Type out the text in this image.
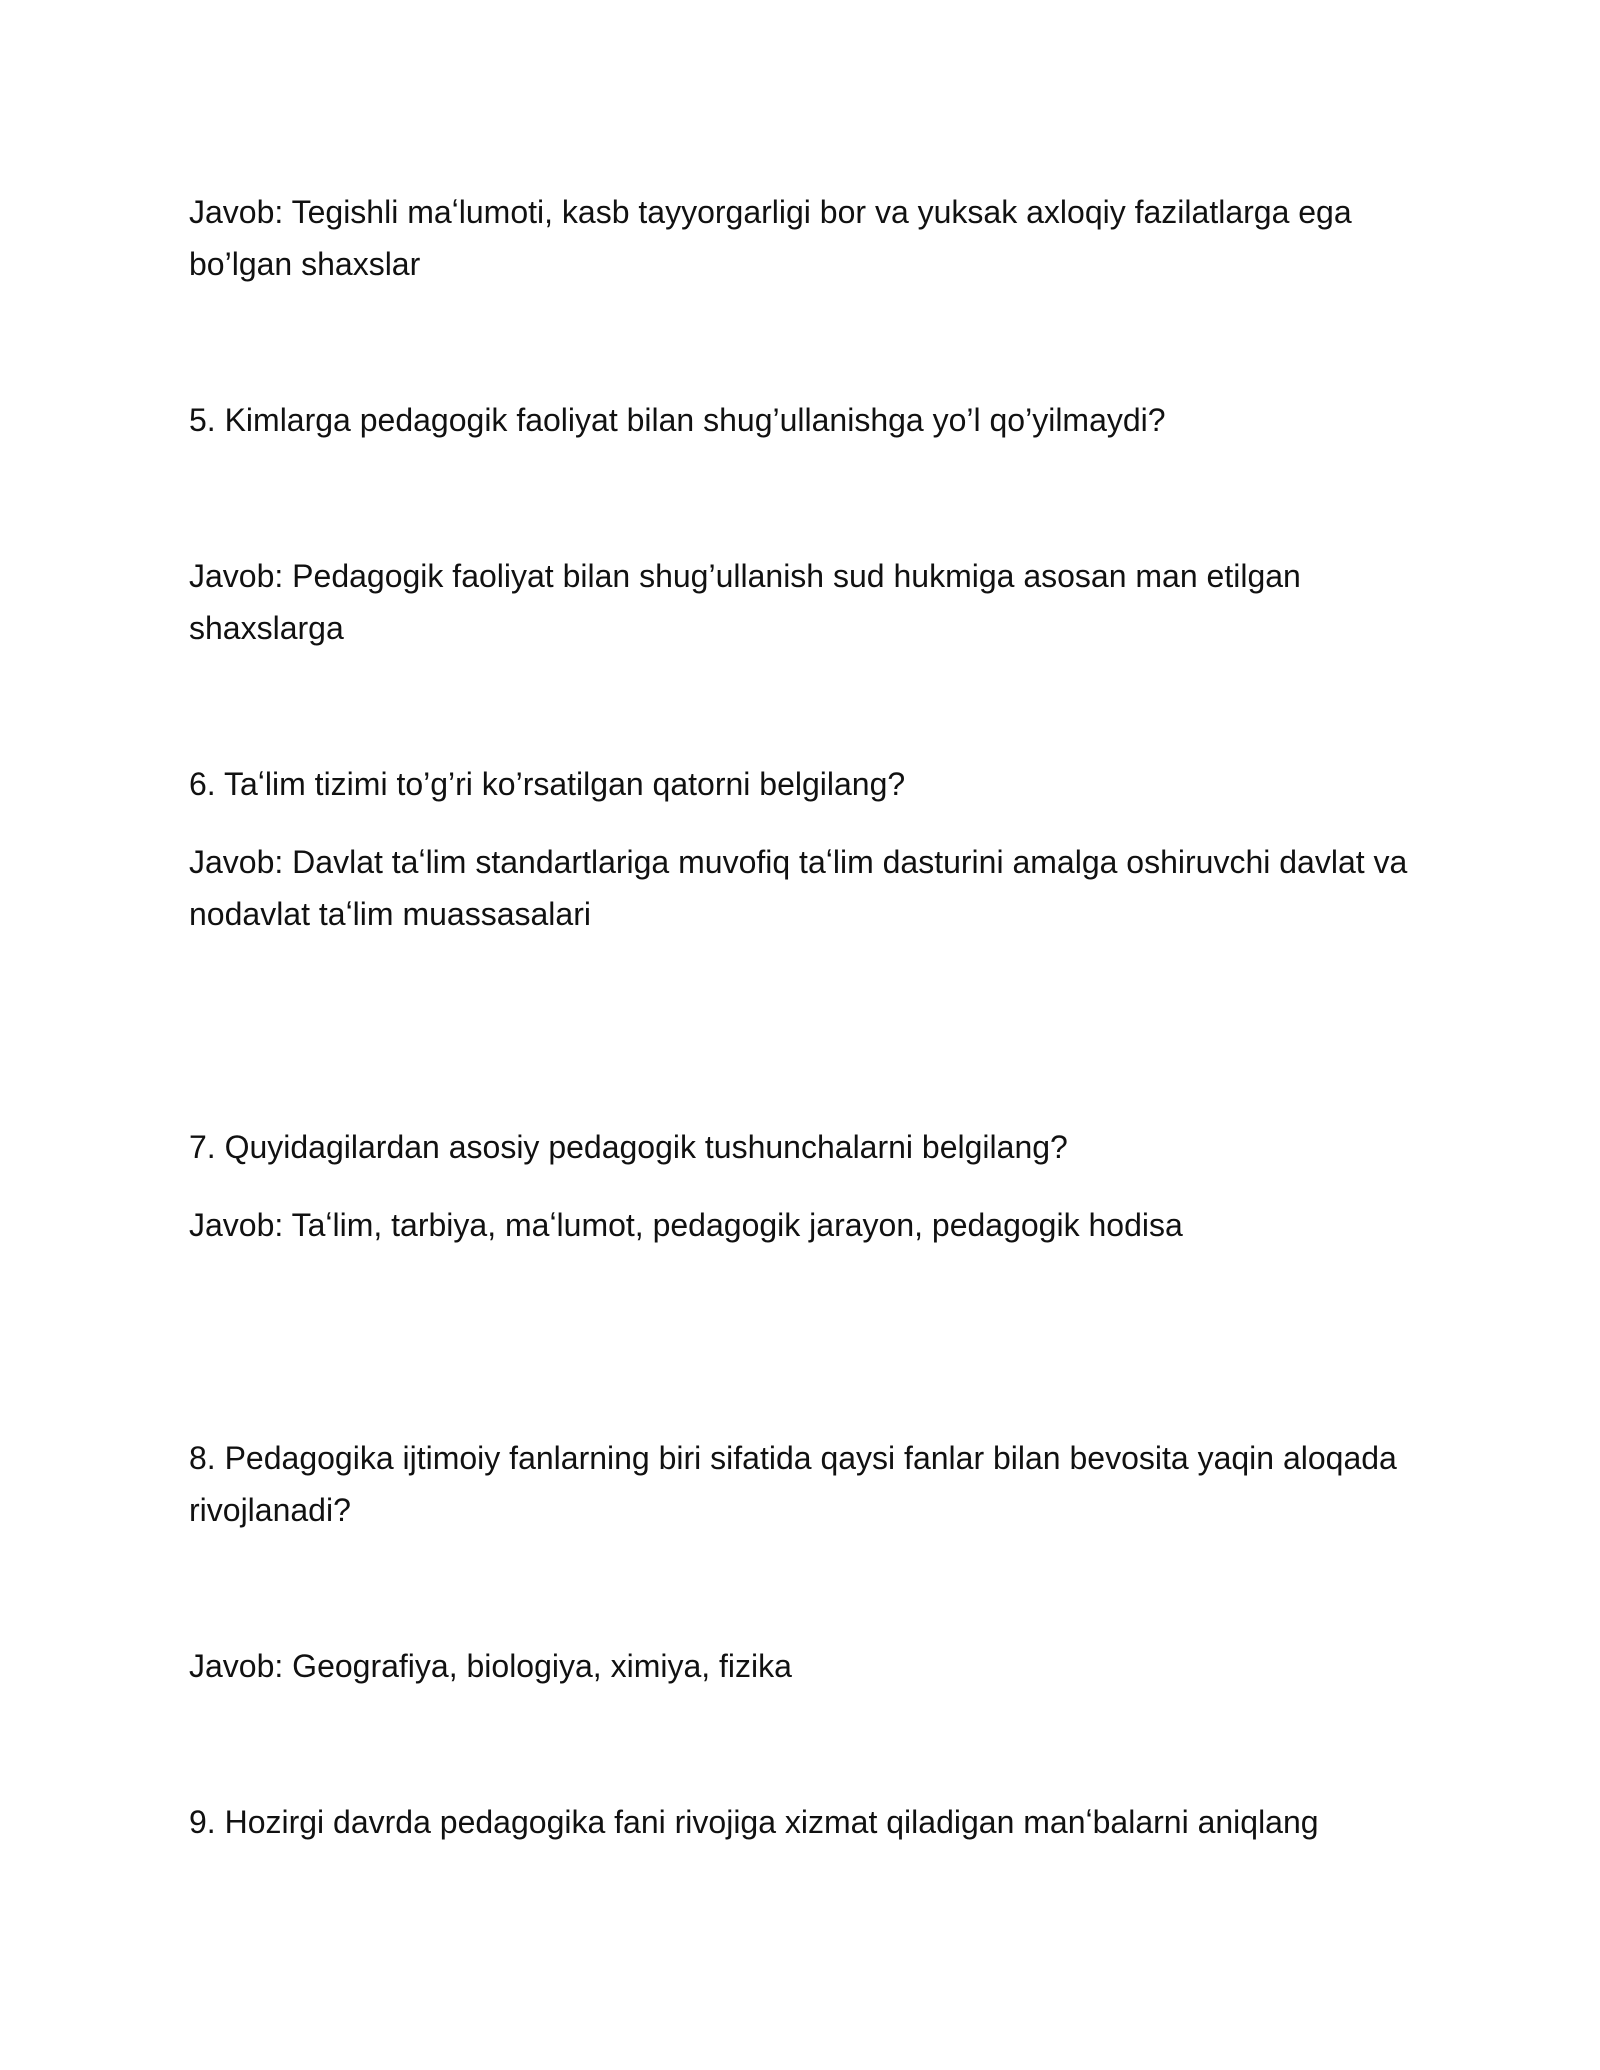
Javob: Tegishli maʻlumoti, kasb tayyorgarligi bor va yuksak axloqiy fazilatlarga ega bo’lgan shaxslar

5. Kimlarga pedagogik faoliyat bilan shug’ullanishga yo’l qo’yilmaydi?

Javob: Pedagogik faoliyat bilan shug’ullanish sud hukmiga asosan man etilgan shaxslarga

6. Taʻlim tizimi to’g’ri ko’rsatilgan qatorni belgilang?

Javob: Davlat taʻlim standartlariga muvofiq taʻlim dasturini amalga oshiruvchi davlat va nodavlat taʻlim muassasalari

7. Quyidagilardan asosiy pedagogik tushunchalarni belgilang?

Javob: Taʻlim, tarbiya, maʻlumot, pedagogik jarayon, pedagogik hodisa

8. Pedagogika ijtimoiy fanlarning biri sifatida qaysi fanlar bilan bevosita yaqin aloqada rivojlanadi?

Javob: Geografiya, biologiya, ximiya, fizika

9. Hozirgi davrda pedagogika fani rivojiga xizmat qiladigan manʻbalarni aniqlang
